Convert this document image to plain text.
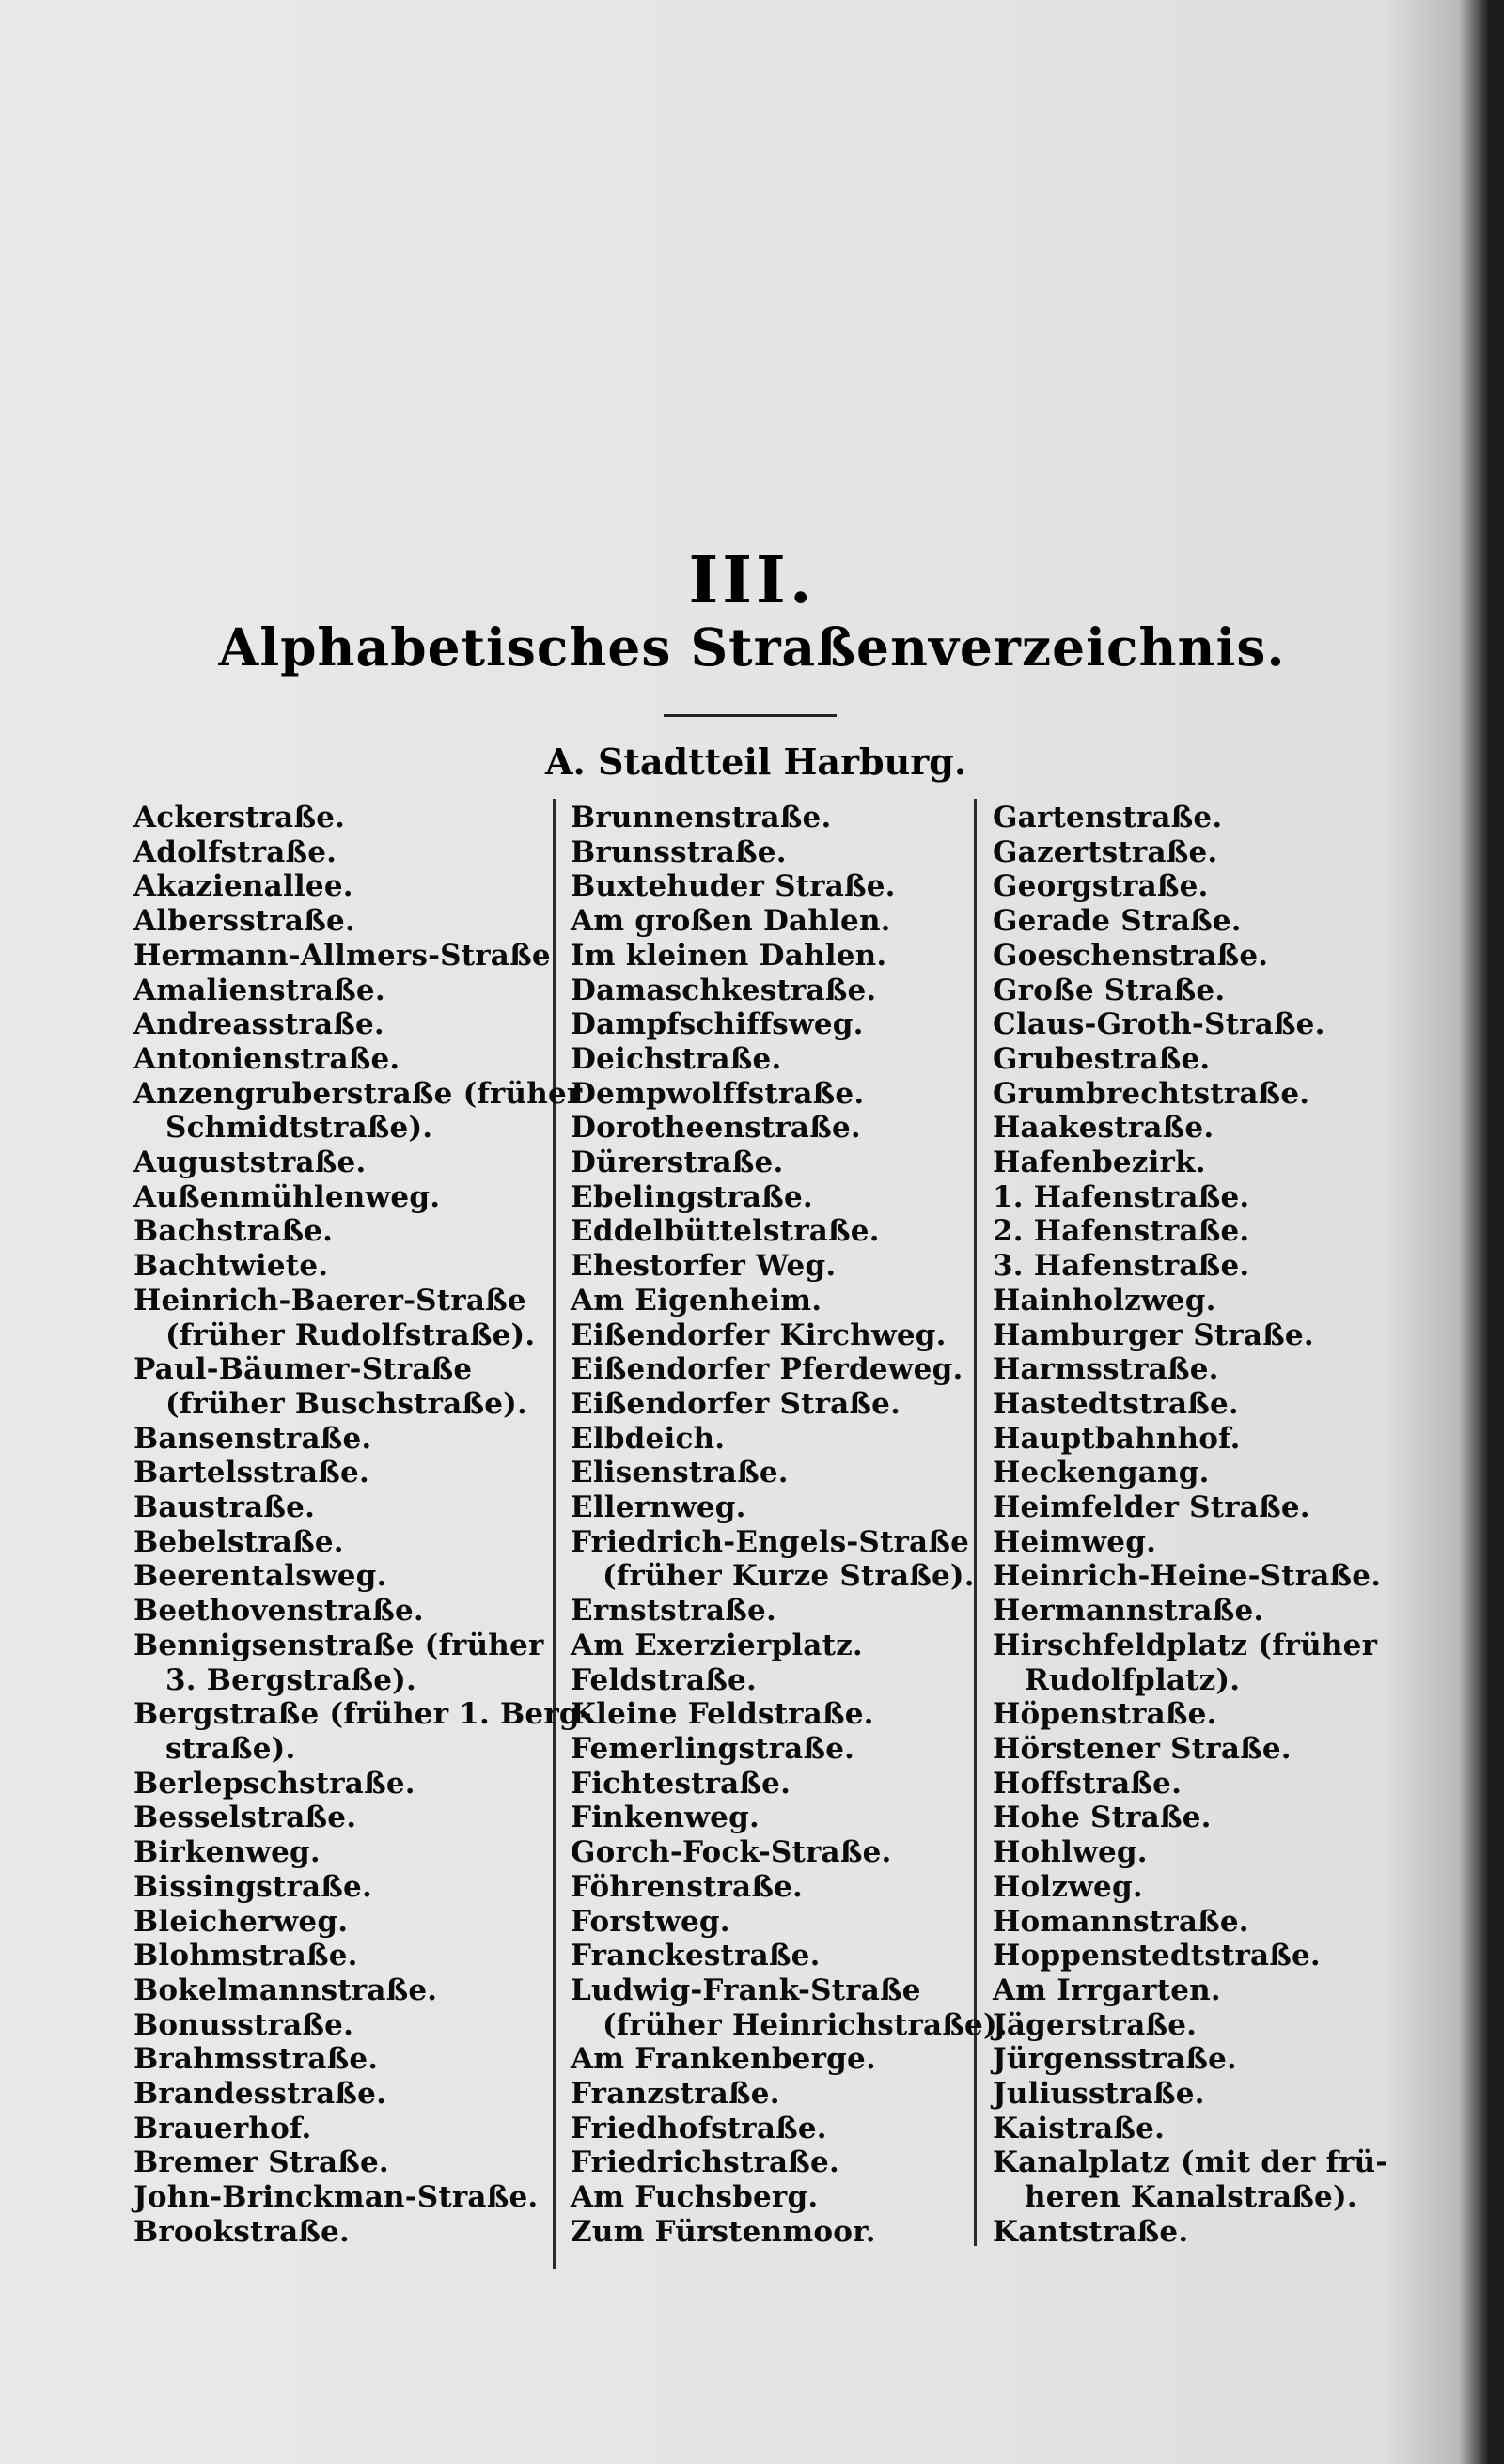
III.
Alphabetisches Straßenverzeichnis.
A. Stadtteil Harburg.
Ackerstraße.
Adolfstraße.
Akazienallee.
Albersstraße.
Hermann-Allmers-Straße
Amalienstraße.
Andreasstraße.
Antonienstraße.
Anzengruberstraße (früher
Schmidtstraße).
Auguststraße.
Außenmühlenweg.
Bachstraße.
Bachtwiete.
Heinrich-Baerer-Straße
(früher Rudolfstraße).
Paul-Bäumer-Straße
(früher Buschstraße).
Bansenstraße.
Bartelsstraße.
Baustraße.
Bebelstraße.
Beerentalsweg.
Beethovenstraße.
Bennigsenstraße (früher
3. Bergstraße).
Bergstraße (früher 1. Berg-
straße).
Berlepschstraße.
Besselstraße.
Birkenweg.
Bissingstraße.
Bleicherweg.
Blohmstraße.
Bokelmannstraße.
Bonusstraße.
Brahmsstraße.
Brandesstraße.
Brauerhof.
Bremer Straße.
John-Brinckman-Straße.
Brookstraße.
Brunnenstraße.
Brunsstraße.
Buxtehuder Straße.
Am großen Dahlen.
Im kleinen Dahlen.
Damaschkestraße.
Dampfschiffsweg.
Deichstraße.
Dempwolffstraße.
Dorotheenstraße.
Dürerstraße.
Ebelingstraße.
Eddelbüttelstraße.
Ehestorfer Weg.
Am Eigenheim.
Eißendorfer Kirchweg.
Eißendorfer Pferdeweg.
Eißendorfer Straße.
Elbdeich.
Elisenstraße.
Ellernweg.
Friedrich-Engels-Straße
(früher Kurze Straße).
Ernststraße.
Am Exerzierplatz.
Feldstraße.
Kleine Feldstraße.
Femerlingstraße.
Fichtestraße.
Finkenweg.
Gorch-Fock-Straße.
Föhrenstraße.
Forstweg.
Franckestraße.
Ludwig-Frank-Straße
(früher Heinrichstraße).
Am Frankenberge.
Franzstraße.
Friedhofstraße.
Friedrichstraße.
Am Fuchsberg.
Zum Fürstenmoor.
Gartenstraße.
Gazertstraße.
Georgstraße.
Gerade Straße.
Goeschenstraße.
Große Straße.
Claus-Groth-Straße.
Grubestraße.
Grumbrechtstraße.
Haakestraße.
Hafenbezirk.
1. Hafenstraße.
2. Hafenstraße.
3. Hafenstraße.
Hainholzweg.
Hamburger Straße.
Harmsstraße.
Hastedtstraße.
Hauptbahnhof.
Heckengang.
Heimfelder Straße.
Heimweg.
Heinrich-Heine-Straße.
Hermannstraße.
Hirschfeldplatz (früher
Rudolfplatz).
Höpenstraße.
Hörstener Straße.
Hoffstraße.
Hohe Straße.
Hohlweg.
Holzweg.
Homannstraße.
Hoppenstedtstraße.
Am Irrgarten.
Jägerstraße.
Jürgensstraße.
Juliusstraße.
Kaistraße.
Kanalplatz (mit der frü-
heren Kanalstraße).
Kantstraße.
